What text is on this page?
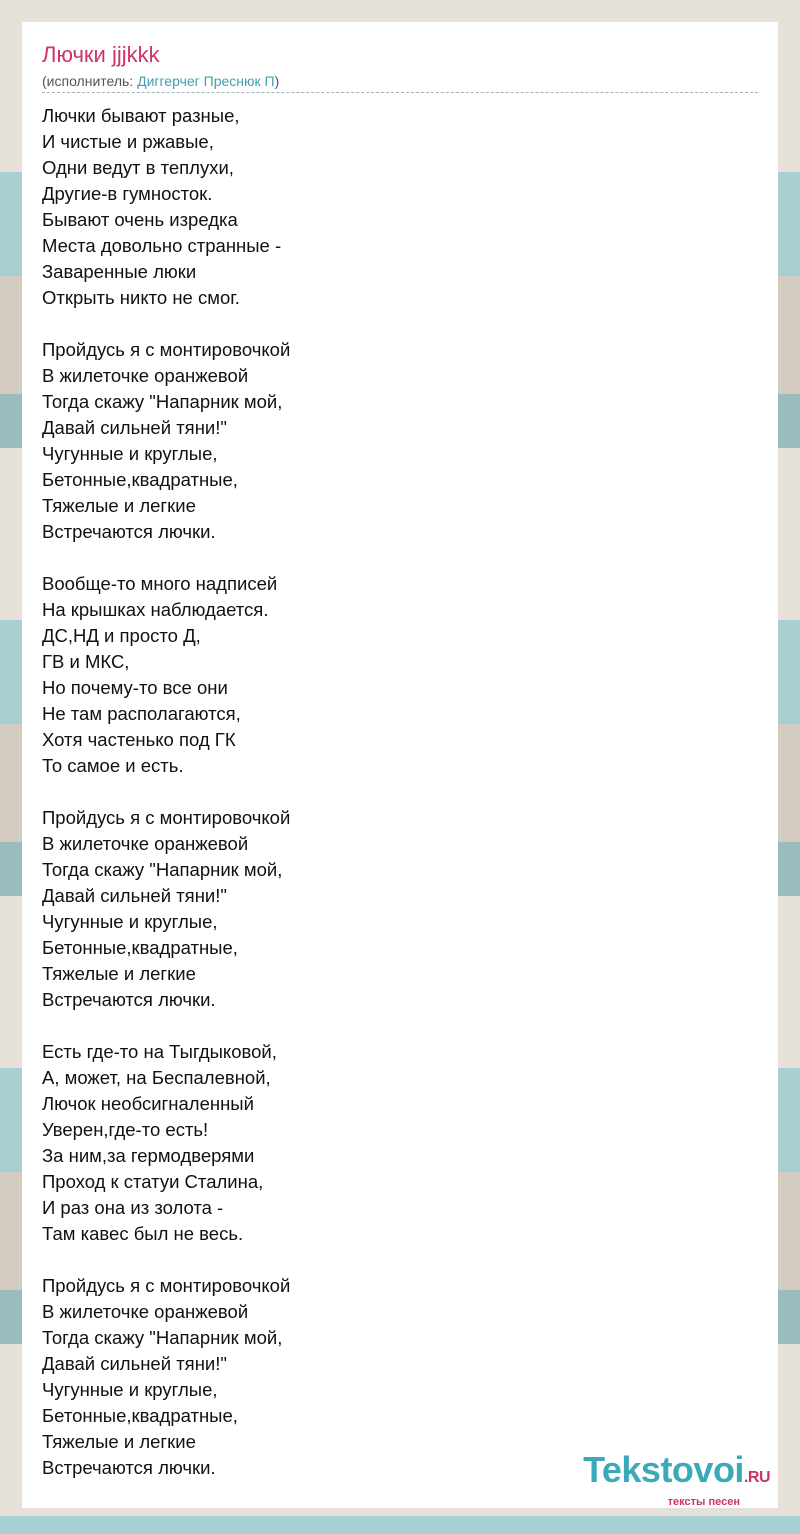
Лючки jjjkkk
(исполнитель: Диггерчег Преснюк П)
Лючки бывают разные,
И чистые и ржавые,
Одни ведут в теплухи,
Другие-в гумносток.
Бывают очень изредка
Места довольно странные -
Заваренные люки
Открыть никто не смог.
Пройдусь я с монтировочкой
В жилеточке оранжевой
Тогда скажу "Напарник мой,
Давай сильней тяни!"
Чугунные и круглые,
Бетонные,квадратные,
Тяжелые и легкие
Встречаются лючки.
Вообще-то много надписей
На крышках наблюдается.
ДС,НД и просто Д,
ГВ и МКС,
Но почему-то все они
Не там располагаются,
Хотя частенько под ГК
То самое и есть.
Пройдусь я с монтировочкой
В жилеточке оранжевой
Тогда скажу "Напарник мой,
Давай сильней тяни!"
Чугунные и круглые,
Бетонные,квадратные,
Тяжелые и легкие
Встречаются лючки.
Есть где-то на Тыгдыковой,
А, может, на Беспалевной,
Лючок необсигналенный
Уверен,где-то есть!
За ним,за гермодверями
Проход к статуи Сталина,
И раз она из золота -
Там кавес был не весь.
Пройдусь я с монтировочкой
В жилеточке оранжевой
Тогда скажу "Напарник мой,
Давай сильней тяни!"
Чугунные и круглые,
Бетонные,квадратные,
Тяжелые и легкие
Встречаются лючки.	Tekstovoi.RU
тексты песен
